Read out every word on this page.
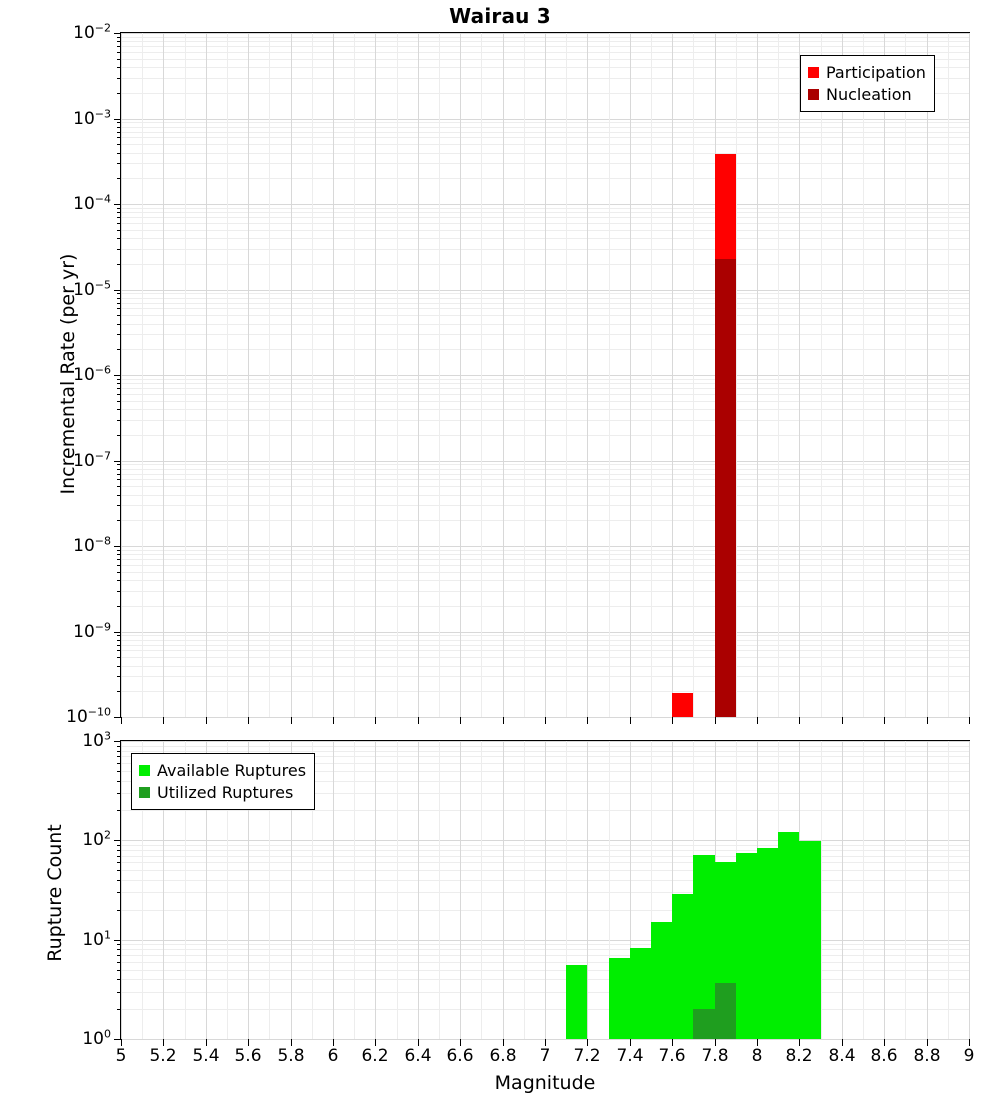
Wairau 3
$10^{-10}$
$10^{-9}$
$10^{-8}$
$10^{-7}$
$10^{-6}$
$10^{-5}$
$10^{-4}$
$10^{-3}$
$10^{-2}$
Incremental Rate (per yr)
Participation
Nucleation
$10^0$
$10^1$
$10^2$
$10^3$
5 5.2 5.4 5.6 5.8 6 6.2 6.4 6.6 6.8 7 7.2 7.4 7.6 7.8 8 8.2 8.4 8.6 8.8 9
Rupture Count
Magnitude
Available Ruptures
Utilized Ruptures
